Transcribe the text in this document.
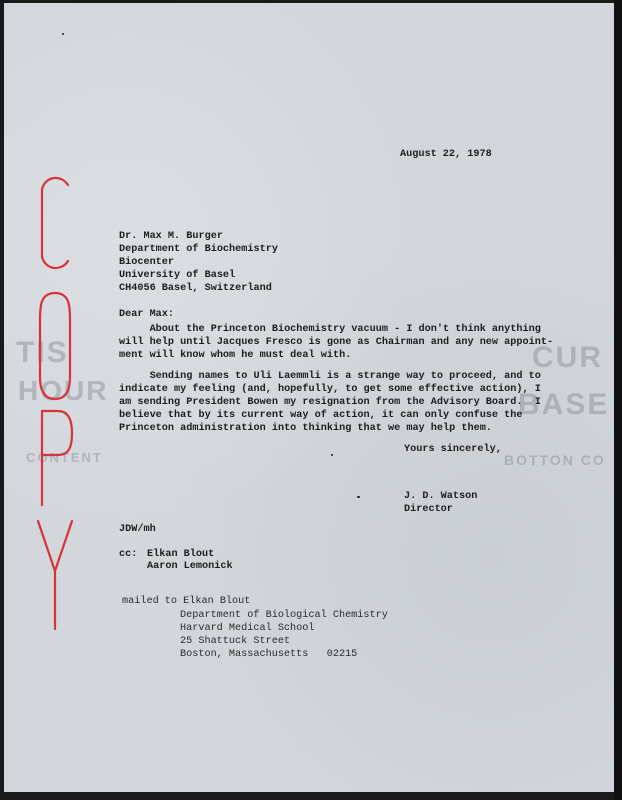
TIS
HOUR
CONTENT
CUR
BASE
BOTTON CO
August 22, 1978
Dr. Max M. Burger
Department of Biochemistry
Biocenter
University of Basel
CH4056 Basel, Switzerland
Dear Max:
About the Princeton Biochemistry vacuum - I don't think anything
will help until Jacques Fresco is gone as Chairman and any new appoint-
ment will know whom he must deal with.
Sending names to Uli Laemmli is a strange way to proceed, and to
indicate my feeling (and, hopefully, to get some effective action), I
am sending President Bowen my resignation from the Advisory Board.  I
believe that by its current way of action, it can only confuse the
Princeton administration into thinking that we may help them.
Yours sincerely,
J. D. Watson
Director
JDW/mh
cc: Elkan Blout
Aaron Lemonick
mailed to Elkan Blout
Department of Biological Chemistry
Harvard Medical School
25 Shattuck Street
Boston, Massachusetts   02215
